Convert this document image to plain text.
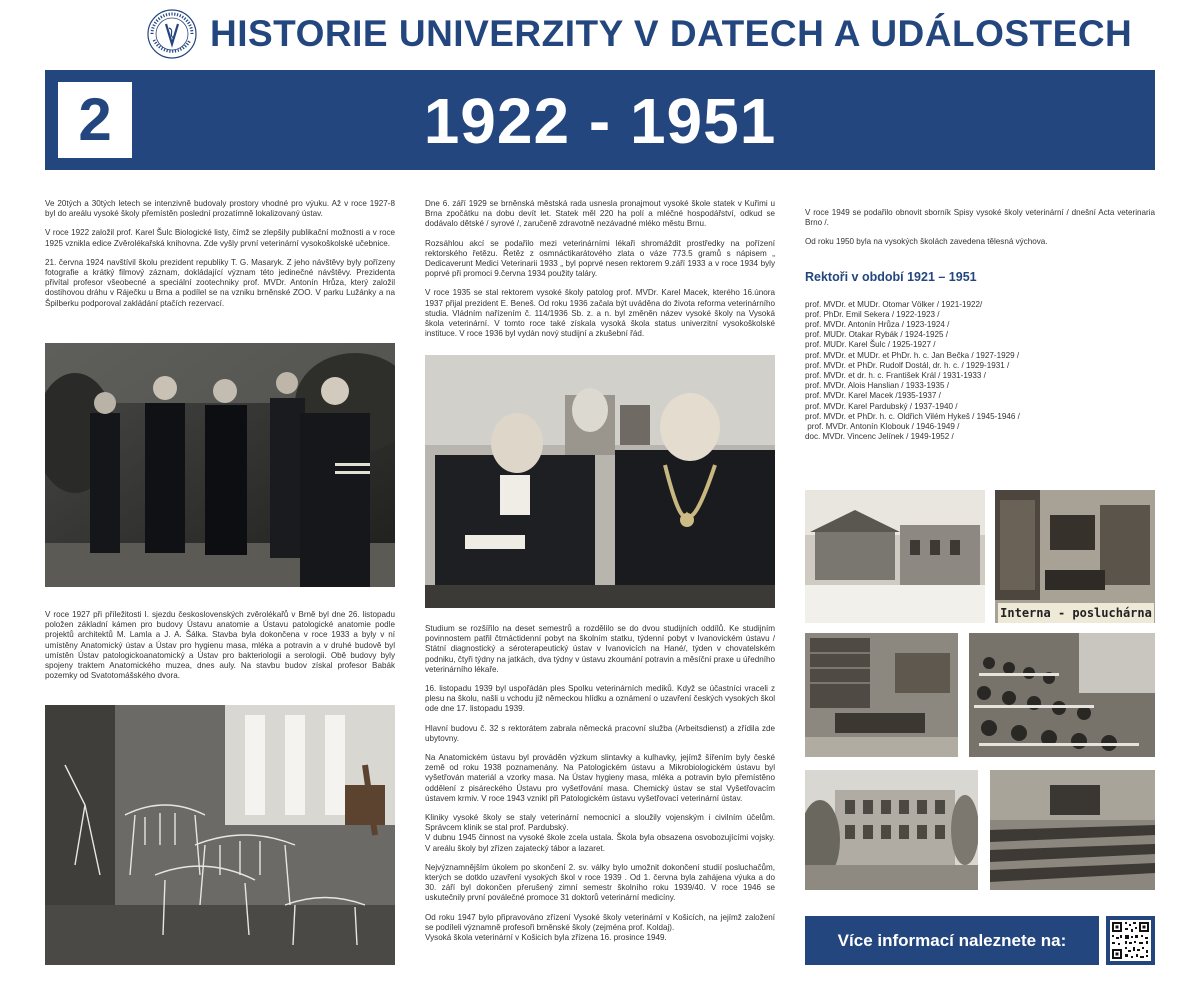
HISTORIE UNIVERZITY V DATECH A UDÁLOSTECH
2	1922 - 1951

Ve 20tých a 30tých letech se intenzivně budovaly prostory vhodné pro výuku. Až v roce 1927-8 byl do areálu vysoké školy přemístěn poslední prozatímně lokalizovaný ústav.

V roce 1922 založil prof. Karel Šulc Biologické listy, čímž se zlepšily publikační možnosti a v roce 1925 vznikla edice Zvěrolékařská knihovna. Zde vyšly první veterinární vysokoškolské učebnice.

21. června 1924 navštívil školu prezident republiky T. G. Masaryk. Z jeho návštěvy byly pořízeny fotografie a krátký filmový záznam, dokládající význam této jedinečné návštěvy. Prezidenta přivítal profesor všeobecné a speciální zootechniky prof. MVDr. Antonín Hrůza, který založil dostihovou dráhu v Ráječku u Brna a podílel se na vzniku brněnské ZOO. V parku Lužánky a na Špilberku podporoval zakládání ptačích rezervací.

V roce 1927 při příležitosti I. sjezdu československých zvěrolékařů v Brně byl dne 26. listopadu položen základní kámen pro budovy Ústavu anatomie a Ústavu patologické anatomie podle projektů architektů M. Lamla a J. A. Šálka. Stavba byla dokončena v roce 1933 a byly v ní umístěny Anatomický ústav a Ústav pro hygienu masa, mléka a potravin a v druhé budově byl umístěn Ústav patologickoanatomický a Ústav pro bakteriologii a serologii. Obě budovy byly spojeny traktem Anatomického muzea, dnes auly. Na stavbu budov získal profesor Babák pozemky od Svatotomášského dvora.

Dne 6. září 1929 se brněnská městská rada usnesla pronajmout vysoké škole statek v Kuřimi u Brna zpočátku na dobu devít let. Statek měl 220 ha polí a mléčné hospodářství, odkud se dodávalo dětské / syrové /, zaručeně zdravotně nezávadné mléko městu Brnu.

Rozsáhlou akcí se podařilo mezi veterinárními lékaři shromáždit prostředky na pořízení rektorského řetězu. Řetěz z osmnáctikarátového zlata o váze 773.5 gramů s nápisem „ Dedicaverunt Medici Veterinarii 1933 „ byl poprvé nesen rektorem 9.září 1933 a v roce 1934 byly poprvé při promoci 9.června 1934 použity taláry.

V roce 1935 se stal rektorem vysoké školy patolog prof. MVDr. Karel Macek, kterého 16.února 1937 přijal prezident E. Beneš. Od roku 1936 začala být uváděna do života reforma veterinárního studia. Vládním nařízením č. 114/1936 Sb. z. a n. byl změněn název vysoké školy na Vysoká škola veterinární. V tomto roce také získala vysoká škola status univerzitní vysokoškolské instituce. V roce 1936 byl vydán nový studijní a zkušební řád.

Studium se rozšířilo na deset semestrů a rozdělilo se do dvou studijních oddílů. Ke studijním povinnostem patřil čtrnáctidenní pobyt na školním statku, týdenní pobyt v Ivanovickém ústavu / Státní diagnostický a séroterapeutický ústav v Ivanovicích na Hané/, týden v chovatelském podniku, čtyři týdny na jatkách, dva týdny v ústavu zkoumání potravin a měsíční praxe u úředního veterinárního lékaře.

16. listopadu 1939 byl uspořádán ples Spolku veterinárních mediků. Když se účastníci vraceli z plesu na školu, našli u vchodu již německou hlídku a oznámení o uzavření českých vysokých škol ode dne 17. listopadu 1939.

Hlavní budovu č. 32 s rektorátem zabrala německá pracovní služba (Arbeitsdienst) a zřídila zde ubytovny.

Na Anatomickém ústavu byl prováděn výzkum slintavky a kulhavky, jejímž šířením byly české země od roku 1938 poznamenány. Na Patologickém ústavu a Mikrobiologickém ústavu byl vyšetřován materiál a vzorky masa. Na Ústav hygieny masa, mléka a potravin bylo přemístěno oddělení z pisáreckého Ústavu pro vyšetřování masa. Chemický ústav se stal Vyšetřovacím ústavem krmiv. V roce 1943 vznikl při Patologickém ústavu vyšetřovací veterinární ústav.

Kliniky vysoké školy se staly veterinární nemocnicí a sloužily vojenským i civilním účelům. Správcem klinik se stal prof. Pardubský.
V dubnu 1945 činnost na vysoké škole zcela ustala. Škola byla obsazena osvobozujícími vojsky. V areálu školy byl zřízen zajatecký tábor a lazaret.

Nejvýznamnějším úkolem po skončení 2. sv. války bylo umožnit dokončení studií posluchačům, kterých se dotklo uzavření vysokých škol v roce 1939 . Od 1. června byla zahájena výuka a do 30. září byl dokončen přerušený zimní semestr školního roku 1939/40. V roce 1946 se uskutečnily první poválečné promoce 31 doktorů veterinární medicíny.

Od roku 1947 bylo připravováno zřízení Vysoké školy veterinární v Košicích, na jejímž založení se podíleli významně profesoři brněnské školy (zejména prof. Koldaj).
Vysoká škola veterinární v Košicích byla zřízena 16. prosince 1949.

V roce 1949 se podařilo obnovit sborník Spisy vysoké školy veterinární / dnešní Acta veterinaria Brno /.

Od roku 1950 byla na vysokých školách zavedena tělesná výchova.

Rektoři v období 1921 – 1951
prof. MVDr. et MUDr. Otomar Völker / 1921-1922/
prof. PhDr. Emil Sekera / 1922-1923 /
prof. MVDr. Antonín Hrůza / 1923-1924 /
prof. MUDr. Otakar Rybák / 1924-1925 /
prof. MUDr. Karel Šulc / 1925-1927 /
prof. MVDr. et MUDr. et PhDr. h. c. Jan Bečka / 1927-1929 /
prof. MVDr. et PhDr. Rudolf Dostál, dr. h. c. / 1929-1931 /
prof. MVDr. et dr. h. c. František Král / 1931-1933 /
prof. MVDr. Alois Hanslian / 1933-1935 /
prof. MVDr. Karel Macek /1935-1937 /
prof. MVDr. Karel Pardubský / 1937-1940 /
prof. MVDr. et PhDr. h. c. Oldřich Vilém Hykeš / 1945-1946 /
prof. MVDr. Antonín Klobouk / 1946-1949 /
doc. MVDr. Vincenc Jelínek / 1949-1952 /
Interna - posluchárna
Více informací naleznete na:
